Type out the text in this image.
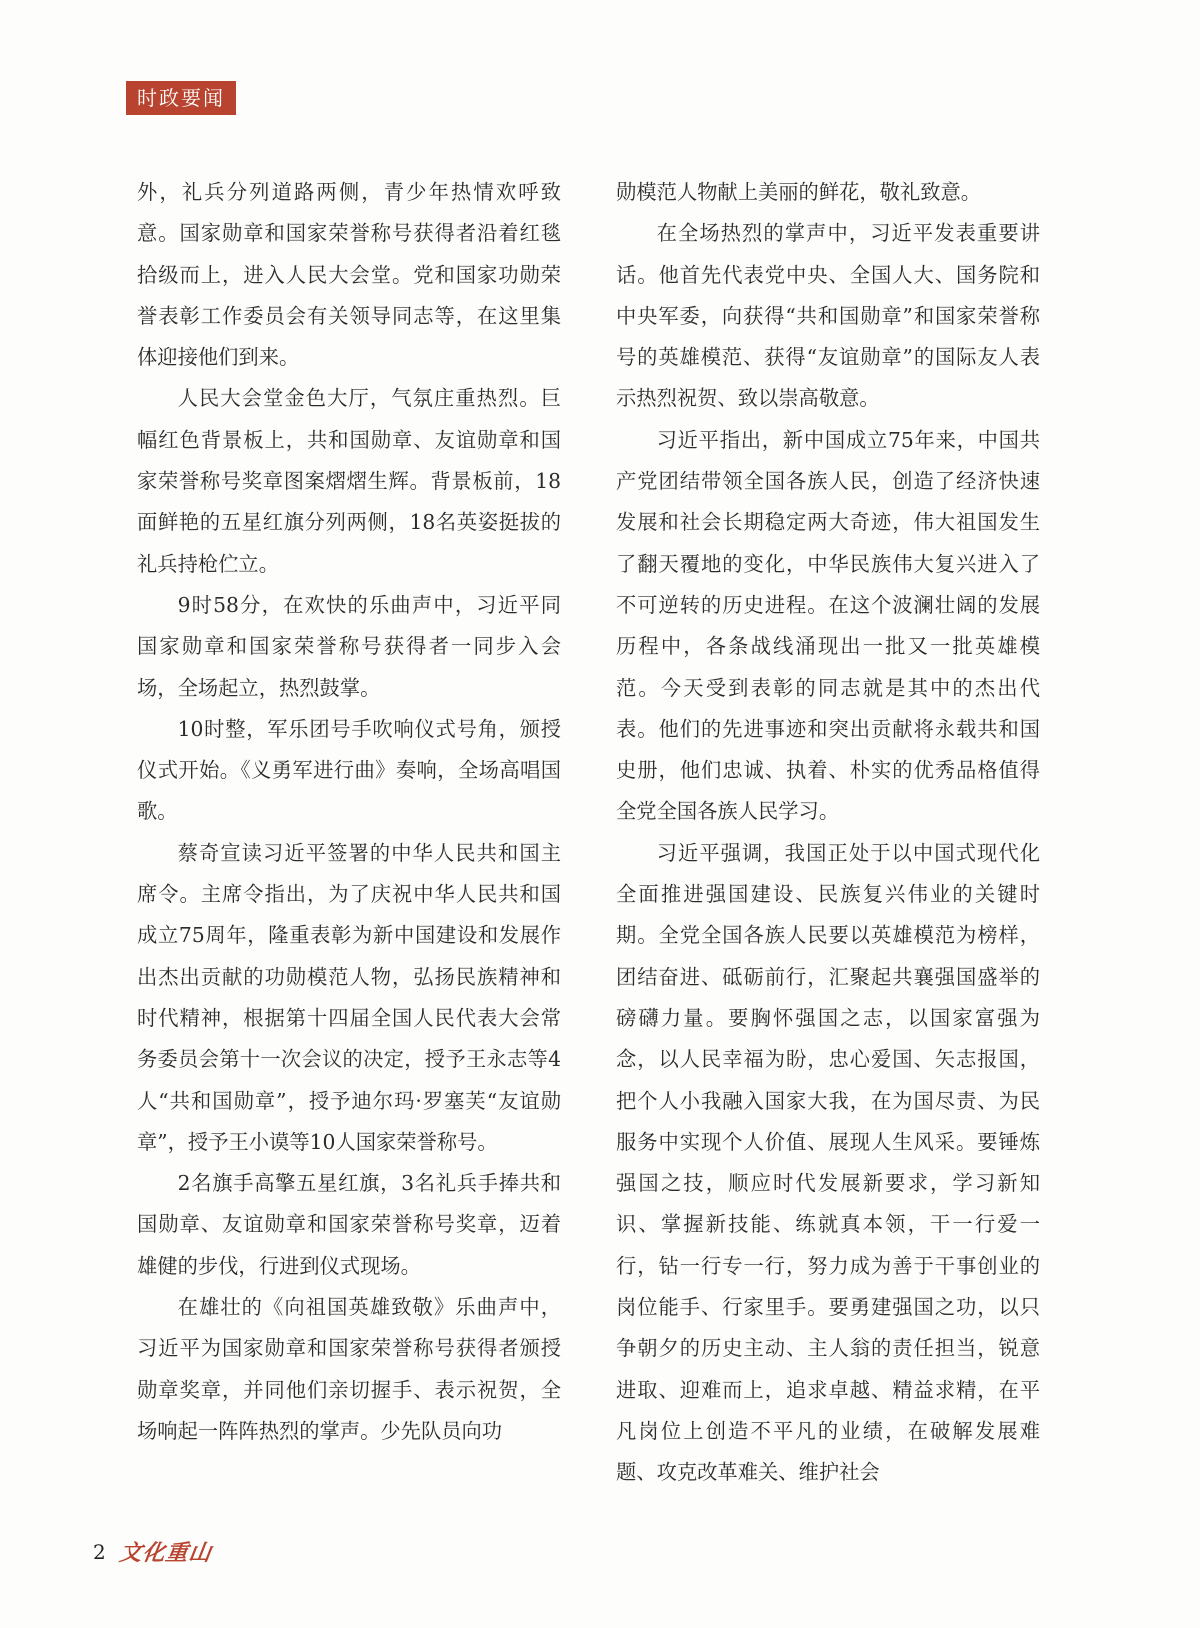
时政要闻

外，礼兵分列道路两侧，青少年热情欢呼致意。国家勋章和国家荣誉称号获得者沿着红毯拾级而上，进入人民大会堂。党和国家功勋荣誉表彰工作委员会有关领导同志等，在这里集体迎接他们到来。

人民大会堂金色大厅，气氛庄重热烈。巨幅红色背景板上，共和国勋章、友谊勋章和国家荣誉称号奖章图案熠熠生辉。背景板前，18面鲜艳的五星红旗分列两侧，18名英姿挺拔的礼兵持枪伫立。

9时58分，在欢快的乐曲声中，习近平同国家勋章和国家荣誉称号获得者一同步入会场，全场起立，热烈鼓掌。

10时整，军乐团号手吹响仪式号角，颁授仪式开始。《义勇军进行曲》奏响，全场高唱国歌。

蔡奇宣读习近平签署的中华人民共和国主席令。主席令指出，为了庆祝中华人民共和国成立75周年，隆重表彰为新中国建设和发展作出杰出贡献的功勋模范人物，弘扬民族精神和时代精神，根据第十四届全国人民代表大会常务委员会第十一次会议的决定，授予王永志等4人“共和国勋章”，授予迪尔玛·罗塞芙“友谊勋章”，授予王小谟等10人国家荣誉称号。

2名旗手高擎五星红旗，3名礼兵手捧共和国勋章、友谊勋章和国家荣誉称号奖章，迈着雄健的步伐，行进到仪式现场。

在雄壮的《向祖国英雄致敬》乐曲声中，习近平为国家勋章和国家荣誉称号获得者颁授勋章奖章，并同他们亲切握手、表示祝贺，全场响起一阵阵热烈的掌声。少先队员向功

勋模范人物献上美丽的鲜花，敬礼致意。

在全场热烈的掌声中，习近平发表重要讲话。他首先代表党中央、全国人大、国务院和中央军委，向获得“共和国勋章”和国家荣誉称号的英雄模范、获得“友谊勋章”的国际友人表示热烈祝贺、致以崇高敬意。

习近平指出，新中国成立75年来，中国共产党团结带领全国各族人民，创造了经济快速发展和社会长期稳定两大奇迹，伟大祖国发生了翻天覆地的变化，中华民族伟大复兴进入了不可逆转的历史进程。在这个波澜壮阔的发展历程中，各条战线涌现出一批又一批英雄模范。今天受到表彰的同志就是其中的杰出代表。他们的先进事迹和突出贡献将永载共和国史册，他们忠诚、执着、朴实的优秀品格值得全党全国各族人民学习。

习近平强调，我国正处于以中国式现代化全面推进强国建设、民族复兴伟业的关键时期。全党全国各族人民要以英雄模范为榜样，团结奋进、砥砺前行，汇聚起共襄强国盛举的磅礴力量。要胸怀强国之志，以国家富强为念，以人民幸福为盼，忠心爱国、矢志报国，把个人小我融入国家大我，在为国尽责、为民服务中实现个人价值、展现人生风采。要锤炼强国之技，顺应时代发展新要求，学习新知识、掌握新技能、练就真本领，干一行爱一行，钻一行专一行，努力成为善于干事创业的岗位能手、行家里手。要勇建强国之功，以只争朝夕的历史主动、主人翁的责任担当，锐意进取、迎难而上，追求卓越、精益求精，在平凡岗位上创造不平凡的业绩，在破解发展难题、攻克改革难关、维护社会

2 文化重山
